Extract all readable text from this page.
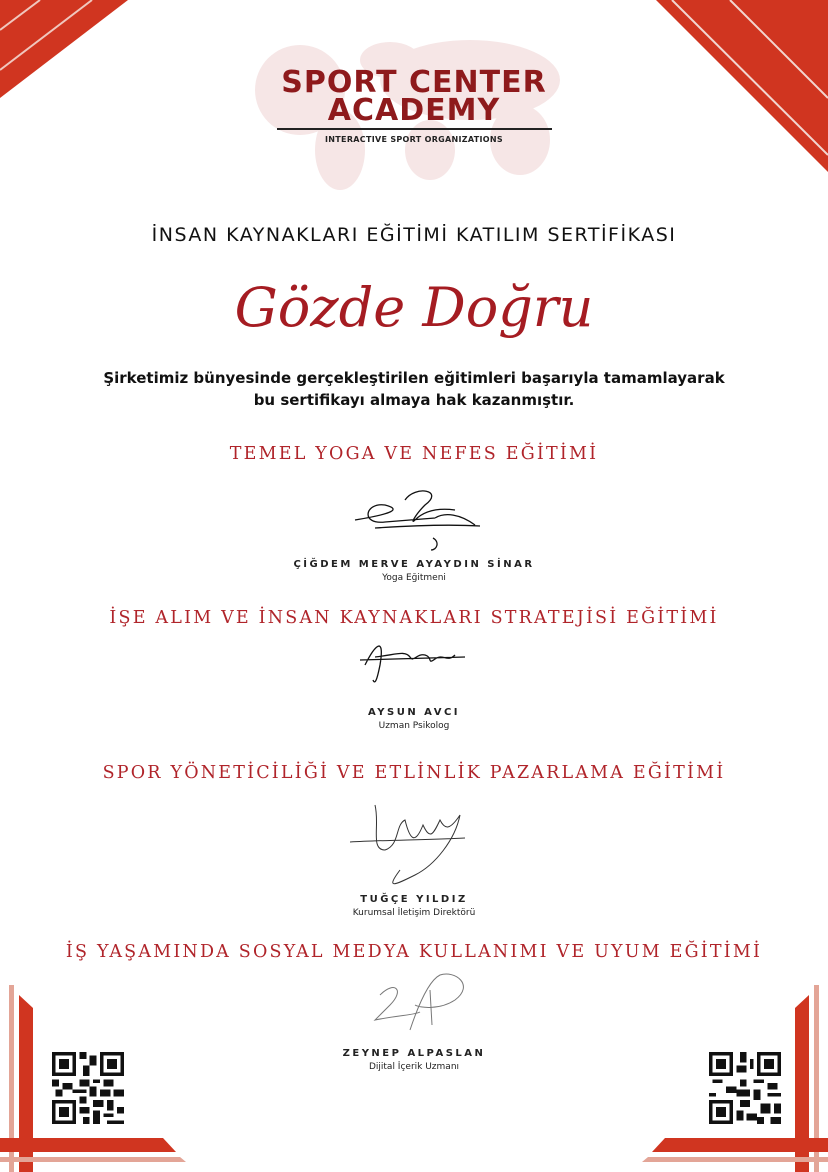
SPORT CENTER
ACADEMY
INTERACTIVE SPORT ORGANIZATIONS
İNSAN KAYNAKLARI EĞİTİMİ KATILIM SERTİFİKASI
Gözde Doğru
Şirketimiz bünyesinde gerçekleştirilen eğitimleri başarıyla tamamlayarak
bu sertifikayı almaya hak kazanmıştır.
TEMEL YOGA VE NEFES EĞİTİMİ
ÇİĞDEM MERVE AYAYDIN SİNAR
Yoga Eğitmeni
İŞE ALIM VE İNSAN KAYNAKLARI STRATEJİSİ EĞİTİMİ
AYSUN AVCI
Uzman Psikolog
SPOR YÖNETİCİLİĞİ VE ETLİNLİK PAZARLAMA EĞİTİMİ
TUĞÇE YILDIZ
Kurumsal İletişim Direktörü
İŞ YAŞAMINDA SOSYAL MEDYA KULLANIMI VE UYUM EĞİTİMİ
ZEYNEP ALPASLAN
Dijital İçerik Uzmanı
